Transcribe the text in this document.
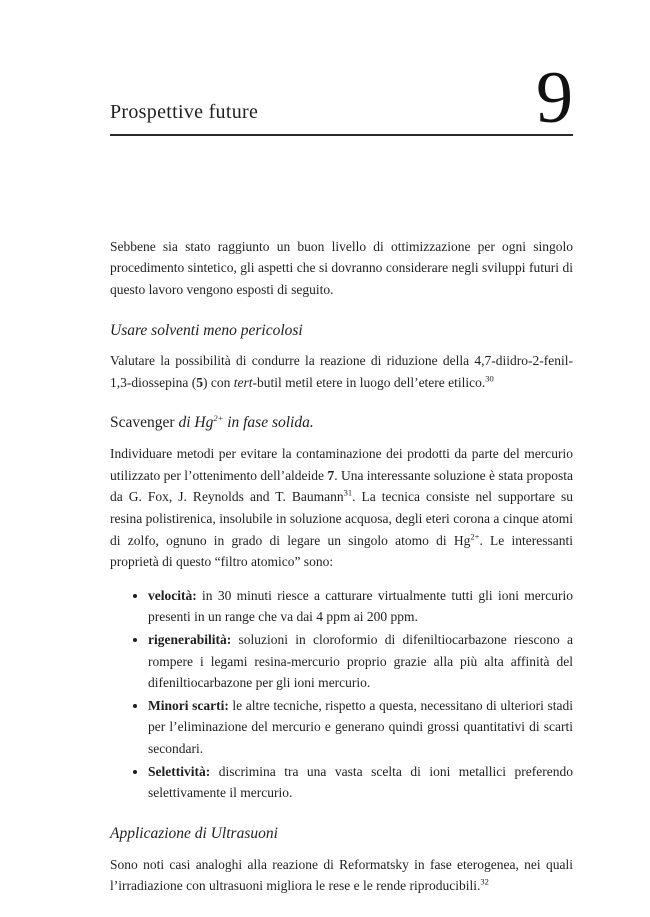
Prospettive future	9

Sebbene sia stato raggiunto un buon livello di ottimizzazione per ogni singolo procedimento sintetico, gli aspetti che si dovranno considerare negli sviluppi futuri di questo lavoro vengono esposti di seguito.

Usare solventi meno pericolosi

Valutare la possibilità di condurre la reazione di riduzione della 4,7-diidro-2-fenil-1,3-diossepina (5) con tert-butil metil etere in luogo dell’etere etilico.$^{30}$

Scavenger di $Hg^{2+}$ in fase solida.

Individuare metodi per evitare la contaminazione dei prodotti da parte del mercurio utilizzato per l’ottenimento dell’aldeide 7. Una interessante soluzione è stata proposta da G. Fox, J. Reynolds and T. Baumann$^{31}$. La tecnica consiste nel supportare su resina polistirenica, insolubile in soluzione acquosa, degli eteri corona a cinque atomi di zolfo, ognuno in grado di legare un singolo atomo di $Hg^{2+}$. Le interessanti proprietà di questo “filtro atomico” sono:

• velocità: in 30 minuti riesce a catturare virtualmente tutti gli ioni mercurio presenti in un range che va dai 4 ppm ai 200 ppm.
• rigenerabilità: soluzioni in cloroformio di difeniltiocarbazone riescono a rompere i legami resina-mercurio proprio grazie alla più alta affinità del difeniltiocarbazone per gli ioni mercurio.
• Minori scarti: le altre tecniche, rispetto a questa, necessitano di ulteriori stadi per l’eliminazione del mercurio e generano quindi grossi quantitativi di scarti secondari.
• Selettività: discrimina tra una vasta scelta di ioni metallici preferendo selettivamente il mercurio.
Applicazione di Ultrasuoni

Sono noti casi analoghi alla reazione di Reformatsky in fase eterogenea, nei quali l’irradiazione con ultrasuoni migliora le rese e le rende riproducibili.$^{32}$
